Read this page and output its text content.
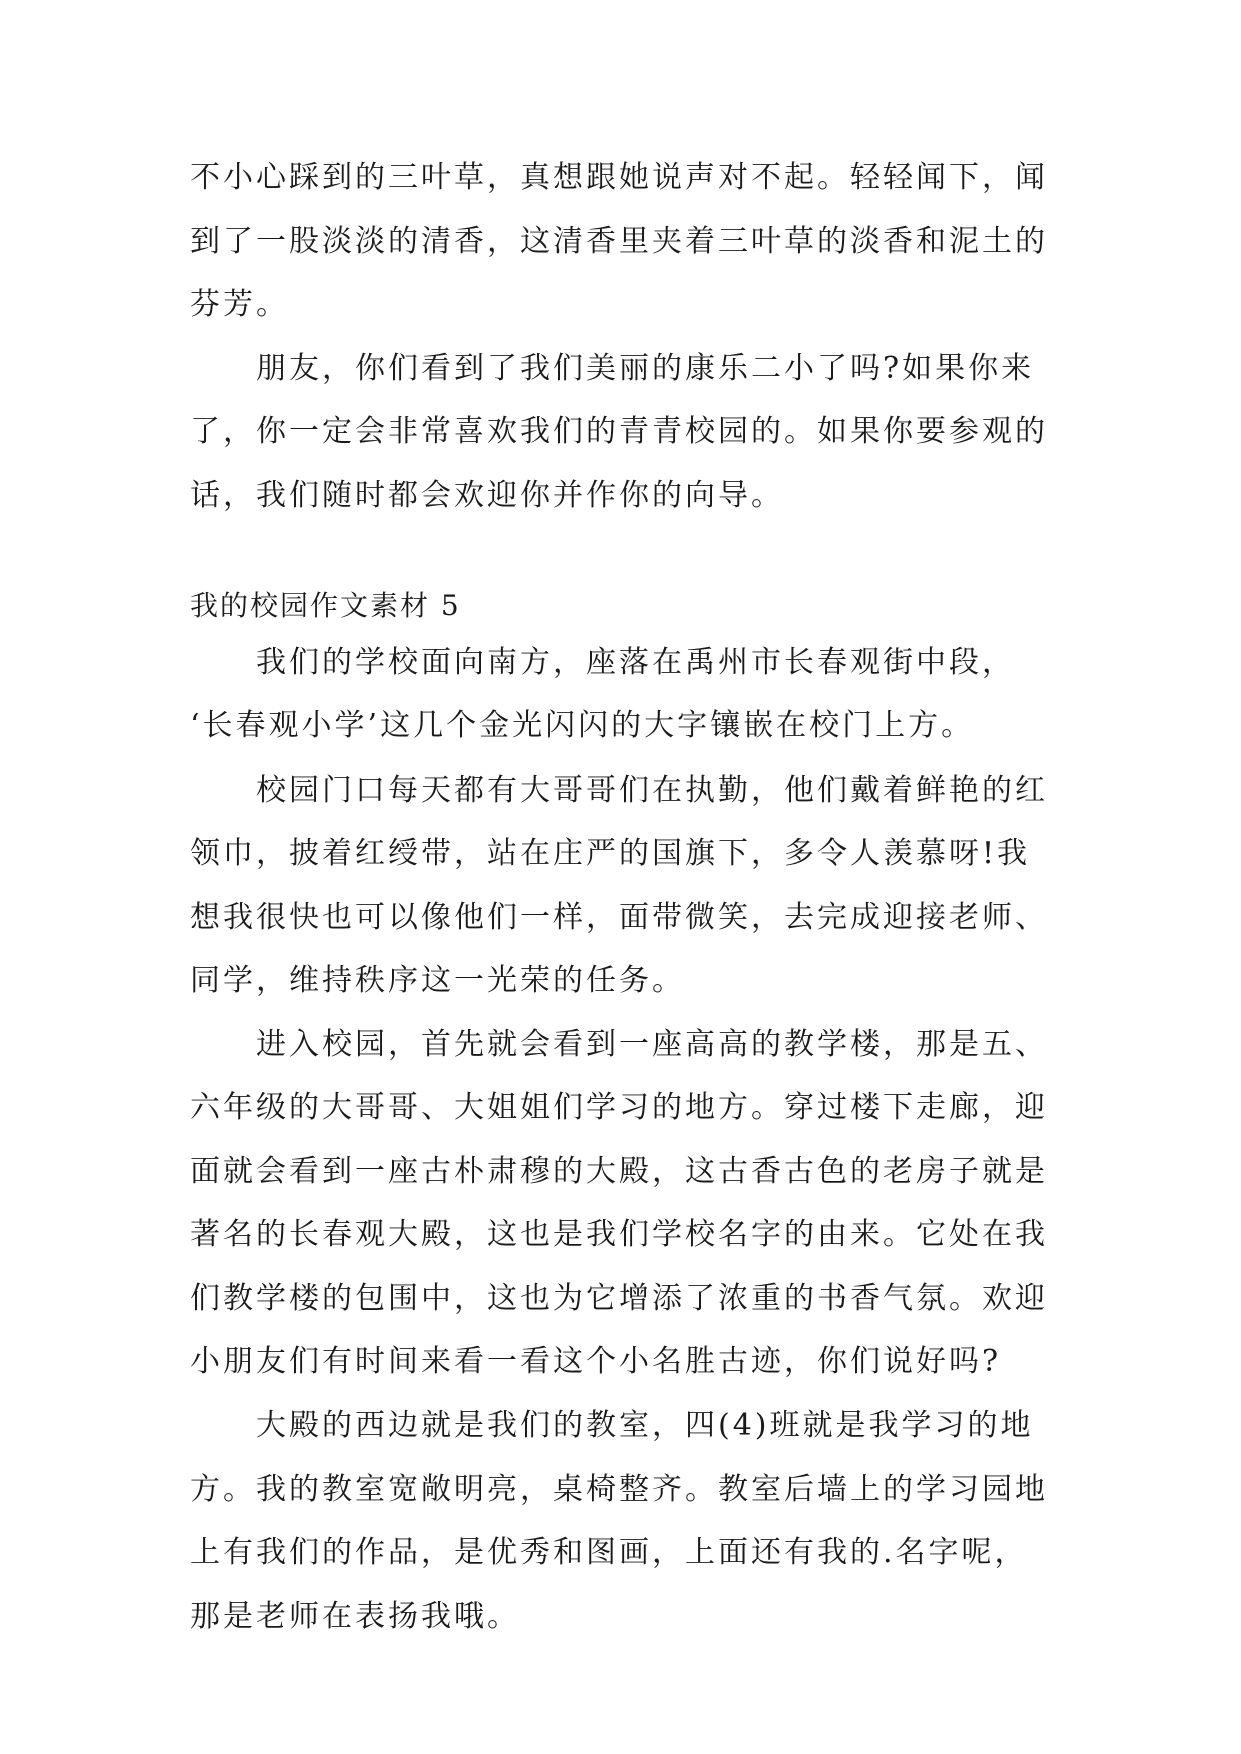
不小心踩到的三叶草，真想跟她说声对不起。轻轻闻下，闻
到了一股淡淡的清香，这清香里夹着三叶草的淡香和泥土的
芬芳。
朋友，你们看到了我们美丽的康乐二小了吗?如果你来
了，你一定会非常喜欢我们的青青校园的。如果你要参观的
话，我们随时都会欢迎你并作你的向导。
我的校园作文素材 5
我们的学校面向南方，座落在禹州市长春观街中段，
‘长春观小学’这几个金光闪闪的大字镶嵌在校门上方。
校园门口每天都有大哥哥们在执勤，他们戴着鲜艳的红
领巾，披着红绶带，站在庄严的国旗下，多令人羡慕呀!我
想我很快也可以像他们一样，面带微笑，去完成迎接老师、
同学，维持秩序这一光荣的任务。
进入校园，首先就会看到一座高高的教学楼，那是五、
六年级的大哥哥、大姐姐们学习的地方。穿过楼下走廊，迎
面就会看到一座古朴肃穆的大殿，这古香古色的老房子就是
著名的长春观大殿，这也是我们学校名字的由来。它处在我
们教学楼的包围中，这也为它增添了浓重的书香气氛。欢迎
小朋友们有时间来看一看这个小名胜古迹，你们说好吗?
大殿的西边就是我们的教室，四(4)班就是我学习的地
方。我的教室宽敞明亮，桌椅整齐。教室后墙上的学习园地
上有我们的作品，是优秀和图画，上面还有我的.名字呢，
那是老师在表扬我哦。
